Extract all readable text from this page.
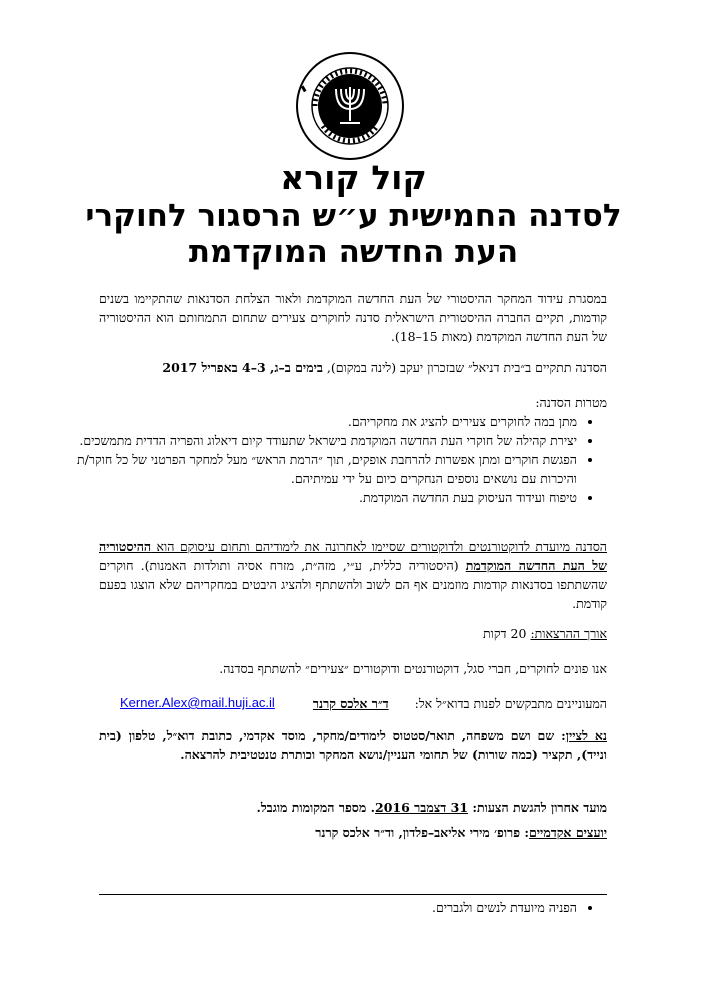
קול קורא
לסדנה החמישית ע״ש הרסגור לחוקרי
העת החדשה המוקדמת
במסגרת עידוד המחקר ההיסטורי של העת החדשה המוקדמת ולאור הצלחת הסדנאות שהתקיימו בשנים קודמות, תקיים החברה ההיסטורית הישראלית סדנה לחוקרים צעירים שתחום התמחותם הוא ההיסטוריה של העת החדשה המוקדמת (מאות 15–18).
הסדנה תתקיים ב״בית דניאל״ שבזכרון יעקב (לינה במקום), בימים ב–ג, 3–4 באפריל 2017
מטרות הסדנה:
• מתן במה לחוקרים צעירים להציג את מחקריהם.
• יצירת קהילה של חוקרי העת החדשה המוקדמת בישראל שתעודד קיום דיאלוג והפריה הדדית מתמשכים.
• הפגשת חוקרים ומתן אפשרות להרחבת אופקים, תוך ״הרמת הראש״ מעל למחקר הפרטני של כל חוקר/ת והיכרות עם נושאים נוספים הנחקרים כיום על ידי עמיתיהם.
• טיפוח ועידוד העיסוק בעת החדשה המוקדמת.
הסדנה מיועדת לדוקטורנטים ולדוקטורים שסיימו לאחרונה את לימודיהם ותחום עיסוקם הוא ההיסטוריה של העת החדשה המוקדמת (היסטוריה כללית, ע״י, מזה״ת, מזרח אסיה ותולדות האמנות). חוקרים שהשתתפו בסדנאות קודמות מוזמנים אף הם לשוב ולהשתתף ולהציג היבטים במחקריהם שלא הוצגו בפעם קודמת.
אורך ההרצאות: 20 דקות
אנו פונים לחוקרים, חברי סגל, דוקטורנטים ודוקטורים ״צעירים״ להשתתף בסדנה.
המעוניינים מתבקשים לפנות בדוא״ל אל:  ד״ר אלכס קרנר
Kerner.Alex@mail.huji.ac.il
נא לציין: שם ושם משפחה, תואר/סטטוס לימודים/מחקר, מוסד אקדמי, כתובת דוא״ל, טלפון (בית ונייד), תקציר (כמה שורות) של תחומי העניין/נושא המחקר וכותרת טנטטיבית להרצאה.
מועד אחרון להגשת הצעות: 31 דצמבר 2016. מספר המקומות מוגבל.
יועצים אקדמיים: פרופ׳ מירי אליאב–פלדון, וד״ר אלכס קרנר
• הפניה מיועדת לנשים ולגברים.
